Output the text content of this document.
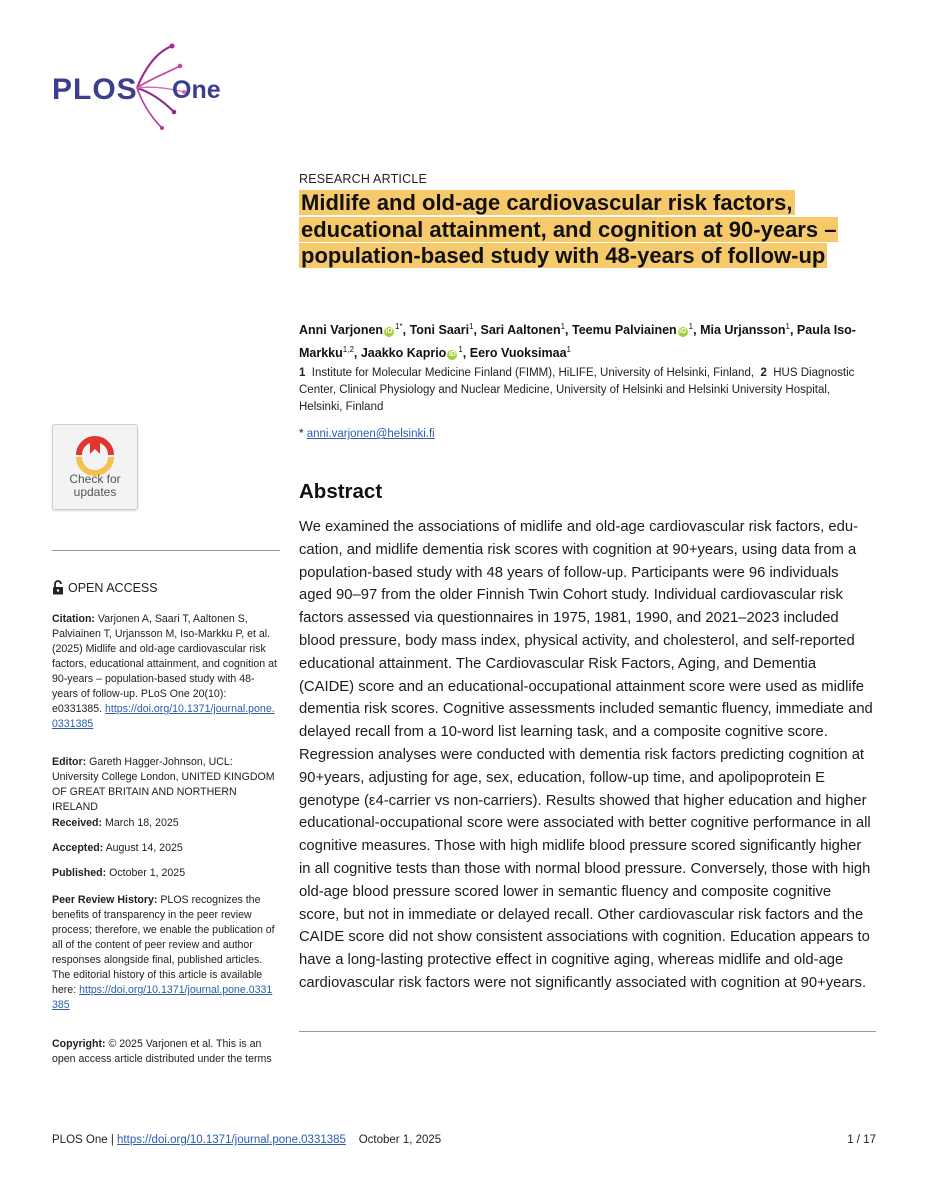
PLOS One
RESEARCH ARTICLE
Midlife and old-age cardiovascular risk factors, educational attainment, and cognition at 90-years – population-based study with 48-years of follow-up
Anni Varjonen $iD^{1*}$, Toni Saari$^1$, Sari Aaltonen$^1$, Teemu Palviainen $iD^1$, Mia Urjansson$^1$, Paula Iso-Markku$^{1,2}$, Jaakko Kaprio $iD^1$, Eero Vuoksimaa$^1$
1 Institute for Molecular Medicine Finland (FIMM), HiLIFE, University of Helsinki, Finland, 2 HUS Diagnostic Center, Clinical Physiology and Nuclear Medicine, University of Helsinki and Helsinki University Hospital, Helsinki, Finland
* anni.varjonen@helsinki.fi
Abstract
We examined the associations of midlife and old-age cardiovascular risk factors, education, and midlife dementia risk scores with cognition at 90+years, using data from a population-based study with 48 years of follow-up. Participants were 96 individuals aged 90–97 from the older Finnish Twin Cohort study. Individual cardiovascular risk factors assessed via questionnaires in 1975, 1981, 1990, and 2021–2023 included blood pressure, body mass index, physical activity, and cholesterol, and self-reported educational attainment. The Cardiovascular Risk Factors, Aging, and Dementia (CAIDE) score and an educational-occupational attainment score were used as midlife dementia risk scores. Cognitive assessments included semantic fluency, immediate and delayed recall from a 10-word list learning task, and a composite cognitive score. Regression analyses were conducted with dementia risk factors predicting cognition at 90+years, adjusting for age, sex, education, follow-up time, and apolipoprotein E genotype (ε4-carrier vs non-carriers). Results showed that higher education and higher educational-occupational score were associated with better cognitive performance in all cognitive measures. Those with high midlife blood pressure scored significantly higher in all cognitive tests than those with normal blood pressure. Conversely, those with high old-age blood pressure scored lower in semantic fluency and composite cognitive score, but not in immediate or delayed recall. Other cardiovascular risk factors and the CAIDE score did not show consistent associations with cognition. Education appears to have a long-lasting protective effect in cognitive aging, whereas midlife and old-age cardiovascular risk factors were not significantly associated with cognition at 90+years.
Check for updates
OPEN ACCESS
Citation: Varjonen A, Saari T, Aaltonen S, Palviainen T, Urjansson M, Iso-Markku P, et al. (2025) Midlife and old-age cardiovascular risk factors, educational attainment, and cognition at 90-years – population-based study with 48-years of follow-up. PLoS One 20(10): e0331385. https://doi.org/10.1371/journal.pone.0331385
Editor: Gareth Hagger-Johnson, UCL: University College London, UNITED KINGDOM OF GREAT BRITAIN AND NORTHERN IRELAND
Received: March 18, 2025
Accepted: August 14, 2025
Published: October 1, 2025
Peer Review History: PLOS recognizes the benefits of transparency in the peer review process; therefore, we enable the publication of all of the content of peer review and author responses alongside final, published articles. The editorial history of this article is available here: https://doi.org/10.1371/journal.pone.0331385
Copyright: © 2025 Varjonen et al. This is an open access article distributed under the terms
PLOS One | https://doi.org/10.1371/journal.pone.0331385 October 1, 2025	1 / 17
